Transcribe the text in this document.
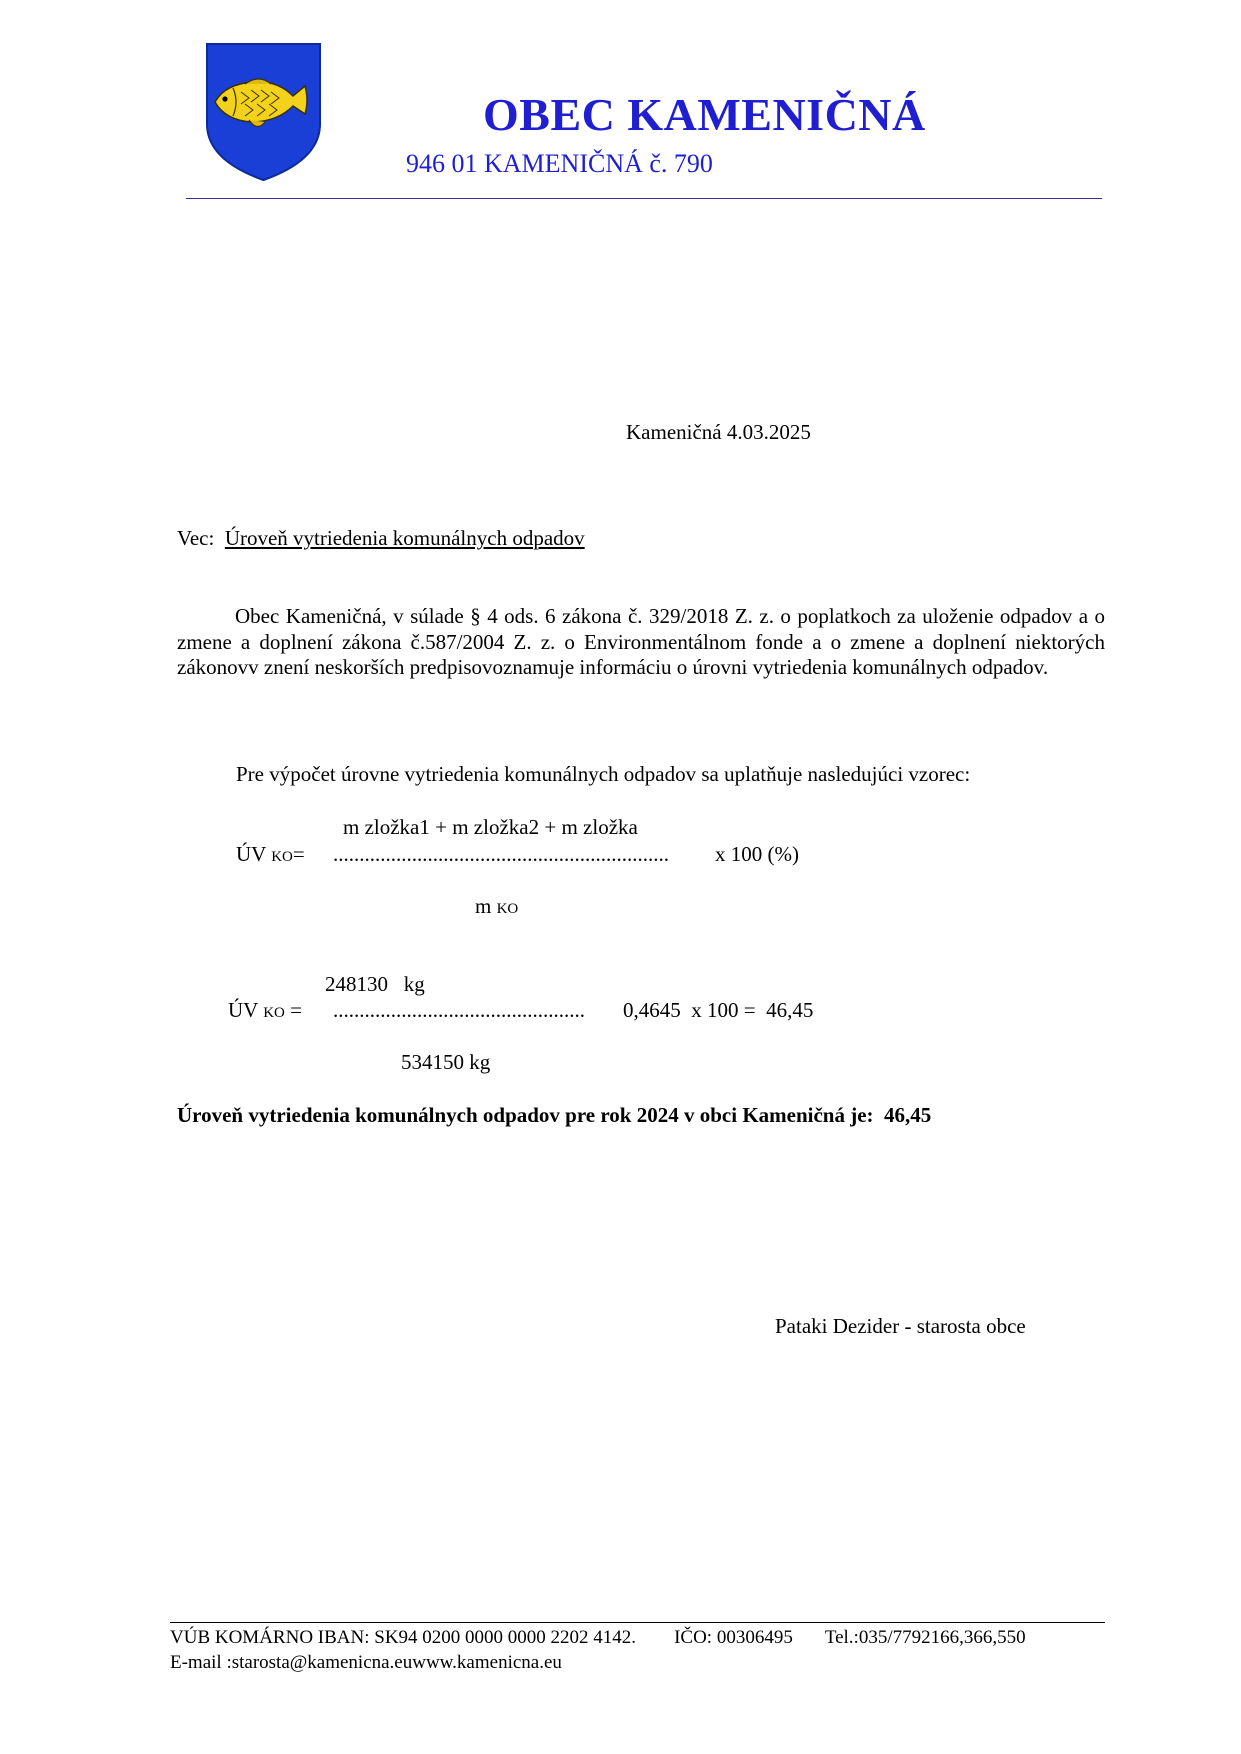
OBEC KAMENIČNÁ
946 01 KAMENIČNÁ č. 790
Kameničná 4.03.2025
Vec: Úroveň vytriedenia komunálnych odpadov
Obec Kameničná, v súlade § 4 ods. 6 zákona č. 329/2018 Z. z. o poplatkoch za uloženie odpadov a o zmene a doplnení zákona č.587/2004 Z. z. o Environmentálnom fonde a o zmene a doplnení niektorých zákonovv znení neskorších predpisovoznamuje informáciu o úrovni vytriedenia komunálnych odpadov.
Pre výpočet úrovne vytriedenia komunálnych odpadov sa uplatňuje nasledujúci vzorec:
m zložka1 + m zložka2 + m zložka
ÚV KO= ................................................................ x 100 (%)
m KO
248130   kg
ÚV KO = ................................................ 0,4645  x 100 =  46,45
534150 kg
Úroveň vytriedenia komunálnych odpadov pre rok 2024 v obci Kameničná je:  46,45
Pataki Dezider - starosta obce
VÚB KOMÁRNO IBAN: SK94 0200 0000 0000 2202 4142. IČO: 00306495 Tel.:035/7792166,366,550
E-mail :starosta@kamenicna.euwww.kamenicna.eu
